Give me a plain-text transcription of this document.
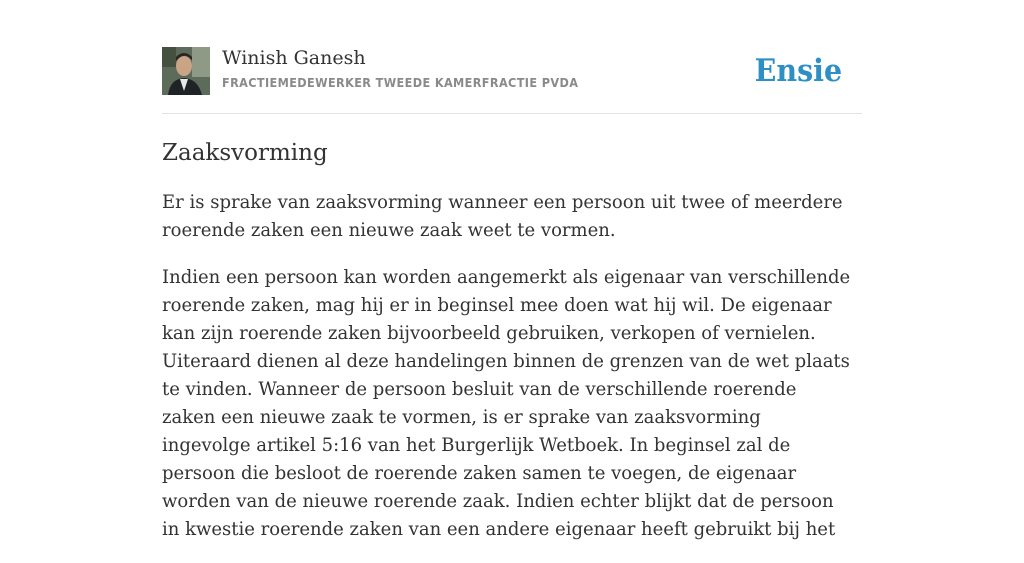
Winish Ganesh
FRACTIEMEDEWERKER TWEEDE KAMERFRACTIE PVDA	Ensie
Zaaksvorming

Er is sprake van zaaksvorming wanneer een persoon uit twee of meerdere roerende zaken een nieuwe zaak weet te vormen.

Indien een persoon kan worden aangemerkt als eigenaar van verschillende roerende zaken, mag hij er in beginsel mee doen wat hij wil. De eigenaar kan zijn roerende zaken bijvoorbeeld gebruiken, verkopen of vernielen. Uiteraard dienen al deze handelingen binnen de grenzen van de wet plaats te vinden. Wanneer de persoon besluit van de verschillende roerende zaken een nieuwe zaak te vormen, is er sprake van zaaksvorming ingevolge artikel 5:16 van het Burgerlijk Wetboek. In beginsel zal de persoon die besloot de roerende zaken samen te voegen, de eigenaar worden van de nieuwe roerende zaak. Indien echter blijkt dat de persoon in kwestie roerende zaken van een andere eigenaar heeft gebruikt bij het
